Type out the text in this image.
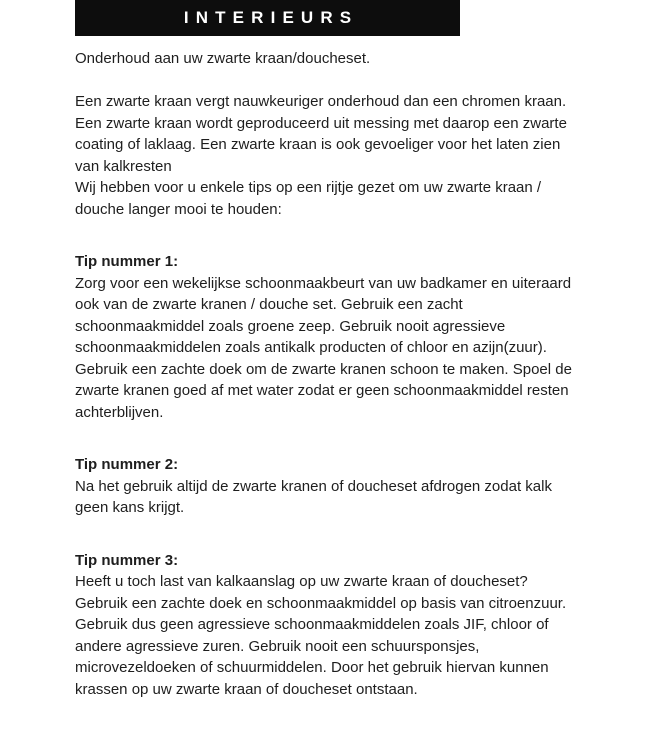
INTERIEURS
Onderhoud aan uw zwarte kraan/doucheset.

Een zwarte kraan vergt nauwkeuriger onderhoud dan een chromen kraan. Een zwarte kraan wordt geproduceerd uit messing met daarop een zwarte coating of laklaag. Een zwarte kraan is ook gevoeliger voor het laten zien van kalkresten

Wij hebben voor u enkele tips op een rijtje gezet om uw zwarte kraan / douche langer mooi te houden:

Tip nummer 1:

Zorg voor een wekelijkse schoonmaakbeurt van uw badkamer en uiteraard ook van de zwarte kranen / douche set. Gebruik een zacht schoonmaakmiddel zoals groene zeep. Gebruik nooit agressieve schoonmaakmiddelen zoals antikalk producten of chloor en azijn(zuur).

Gebruik een zachte doek om de zwarte kranen schoon te maken. Spoel de zwarte kranen goed af met water zodat er geen schoonmaakmiddel resten achterblijven.

Tip nummer 2:

Na het gebruik altijd de zwarte kranen of doucheset afdrogen zodat kalk geen kans krijgt.

Tip nummer 3:

Heeft u toch last van kalkaanslag op uw zwarte kraan of doucheset? Gebruik een zachte doek en schoonmaakmiddel op basis van citroenzuur. Gebruik dus geen agressieve schoonmaakmiddelen zoals JIF, chloor of andere agressieve zuren. Gebruik nooit een schuursponsjes, microvezeldoeken of schuurmiddelen. Door het gebruik hiervan kunnen krassen op uw zwarte kraan of doucheset ontstaan.
